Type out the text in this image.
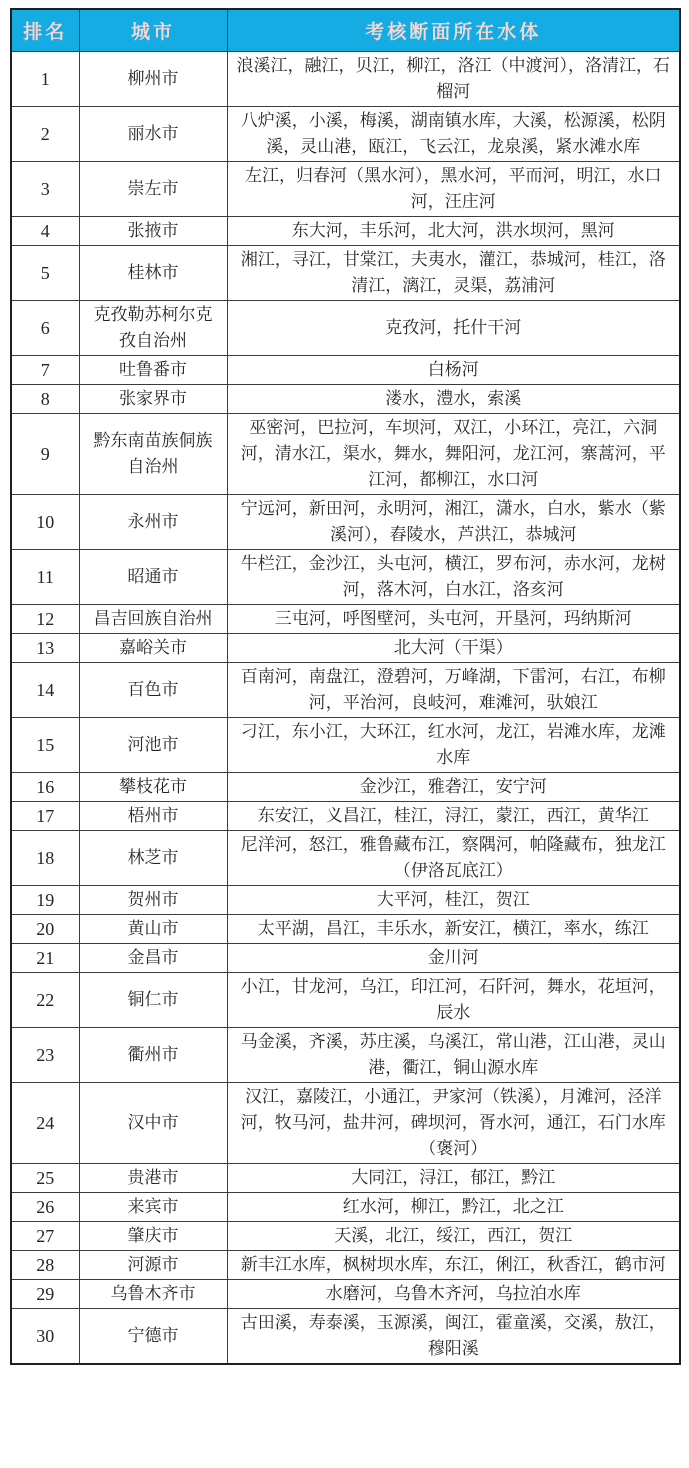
排名	城市	考核断面所在水体
1	柳州市	浪溪江，融江，贝江，柳江，洛江（中渡河），洛清江，石榴河
2	丽水市	八炉溪，小溪，梅溪，湖南镇水库，大溪，松源溪，松阴溪，灵山港，瓯江，飞云江，龙泉溪，紧水滩水库
3	崇左市	左江，归春河（黑水河），黑水河，平而河，明江，水口河，汪庄河
4	张掖市	东大河，丰乐河，北大河，洪水坝河，黑河
5	桂林市	湘江，寻江，甘棠江，夫夷水，灌江，恭城河，桂江，洛清江，漓江，灵渠，荔浦河
6	克孜勒苏柯尔克孜自治州	克孜河，托什干河
7	吐鲁番市	白杨河
8	张家界市	溇水，澧水，索溪
9	黔东南苗族侗族自治州	巫密河，巴拉河，车坝河，双江，小环江，亮江，六洞河，清水江，渠水，舞水，舞阳河，龙江河，寨蒿河，平江河，都柳江，水口河
10	永州市	宁远河，新田河，永明河，湘江，潇水，白水，紫水（紫溪河），舂陵水，芦洪江，恭城河
11	昭通市	牛栏江，金沙江，头屯河，横江，罗布河，赤水河，龙树河，落木河，白水江，洛亥河
12	昌吉回族自治州	三屯河，呼图壁河，头屯河，开垦河，玛纳斯河
13	嘉峪关市	北大河（干渠）
14	百色市	百南河，南盘江，澄碧河，万峰湖，下雷河，右江，布柳河，平治河，良岐河，难滩河，驮娘江
15	河池市	刁江，东小江，大环江，红水河，龙江，岩滩水库，龙滩水库
16	攀枝花市	金沙江，雅砻江，安宁河
17	梧州市	东安江，义昌江，桂江，浔江，蒙江，西江，黄华江
18	林芝市	尼洋河，怒江，雅鲁藏布江，察隅河，帕隆藏布，独龙江（伊洛瓦底江）
19	贺州市	大平河，桂江，贺江
20	黄山市	太平湖，昌江，丰乐水，新安江，横江，率水，练江
21	金昌市	金川河
22	铜仁市	小江，甘龙河，乌江，印江河，石阡河，舞水，花垣河，辰水
23	衢州市	马金溪，齐溪，苏庄溪，乌溪江，常山港，江山港，灵山港，衢江，铜山源水库
24	汉中市	汉江，嘉陵江，小通江，尹家河（铁溪），月滩河，泾洋河，牧马河，盐井河，碑坝河，胥水河，通江，石门水库（褒河）
25	贵港市	大同江，浔江，郁江，黔江
26	来宾市	红水河，柳江，黔江，北之江
27	肇庆市	天溪，北江，绥江，西江，贺江
28	河源市	新丰江水库，枫树坝水库，东江，俐江，秋香江，鹤市河
29	乌鲁木齐市	水磨河，乌鲁木齐河，乌拉泊水库
30	宁德市	古田溪，寿泰溪，玉源溪，闽江，霍童溪，交溪，敖江，穆阳溪
